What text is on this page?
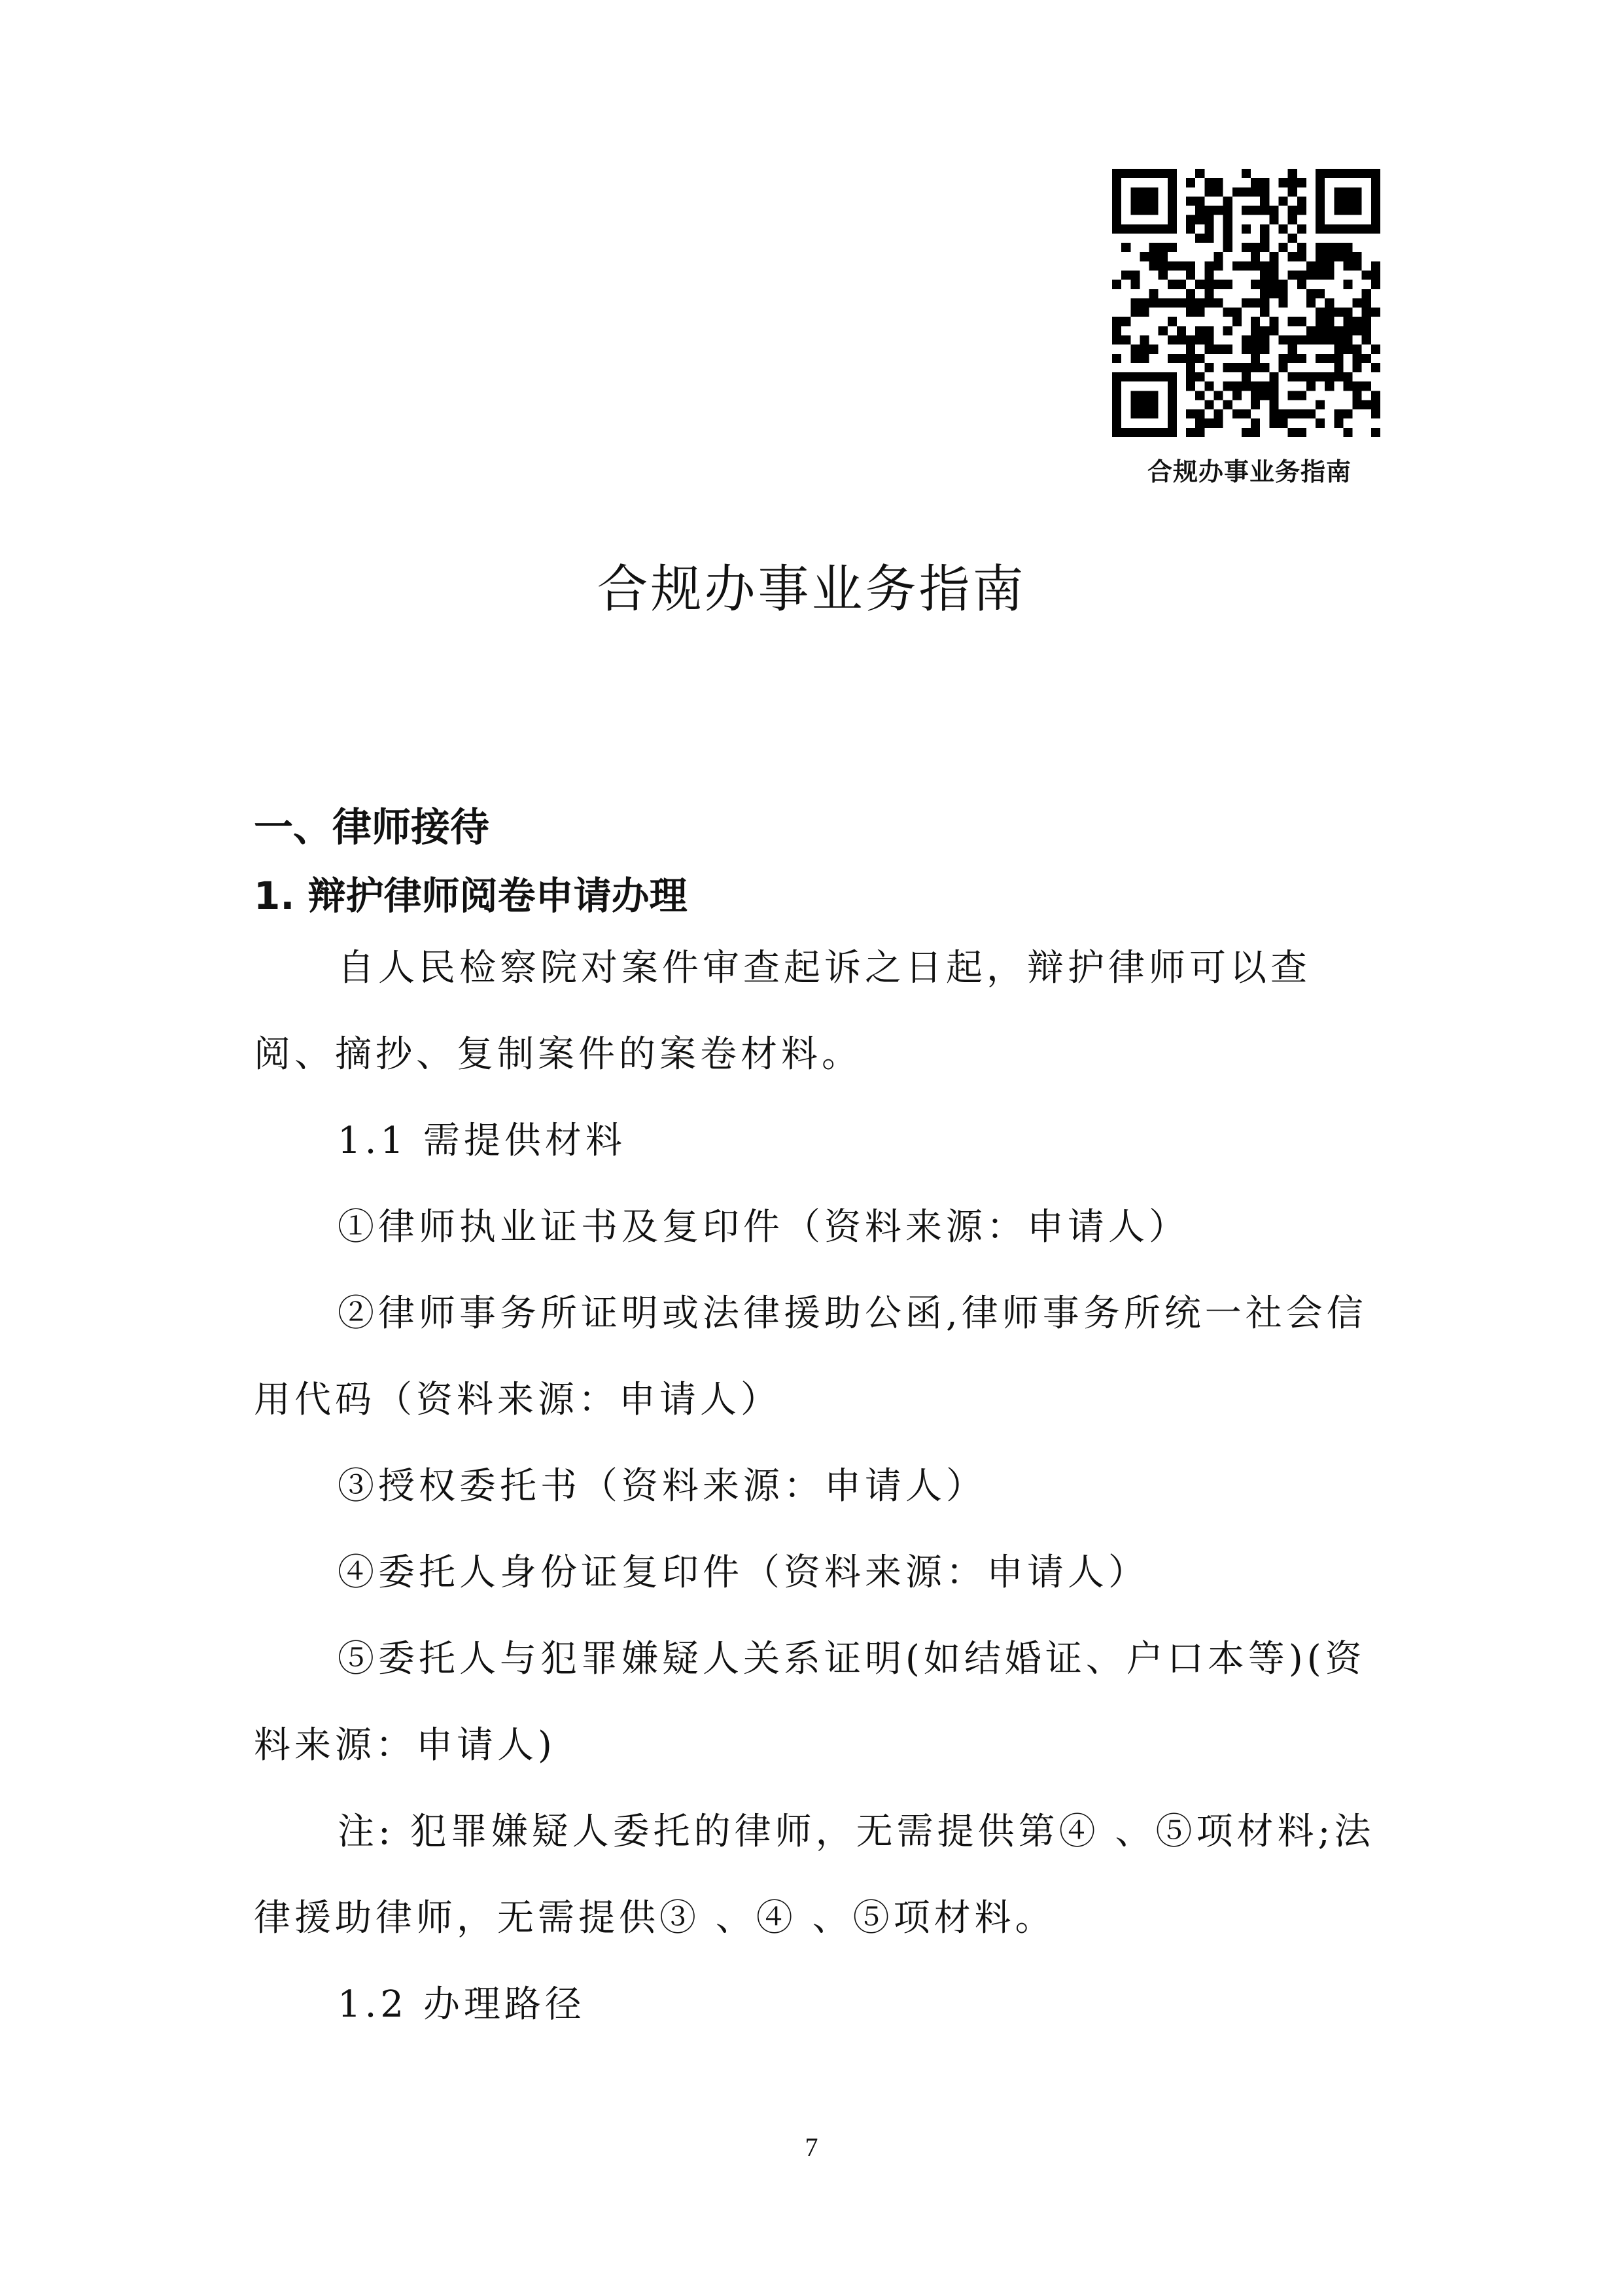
合规办事业务指南
合规办事业务指南
一、律师接待
1. 辩护律师阅卷申请办理

自人民检察院对案件审查起诉之日起，辩护律师可以查阅、摘抄、复制案件的案卷材料。

1.1 需提供材料

①律师执业证书及复印件（资料来源：申请人）

②律师事务所证明或法律援助公函,律师事务所统一社会信用代码（资料来源：申请人）

③授权委托书（资料来源：申请人）

④委托人身份证复印件（资料来源：申请人）

⑤委托人与犯罪嫌疑人关系证明(如结婚证、户口本等)(资料来源：申请人)

注: 犯罪嫌疑人委托的律师，无需提供第④ 、⑤项材料;法律援助律师，无需提供③ 、④ 、⑤项材料。

1.2 办理路径

7
